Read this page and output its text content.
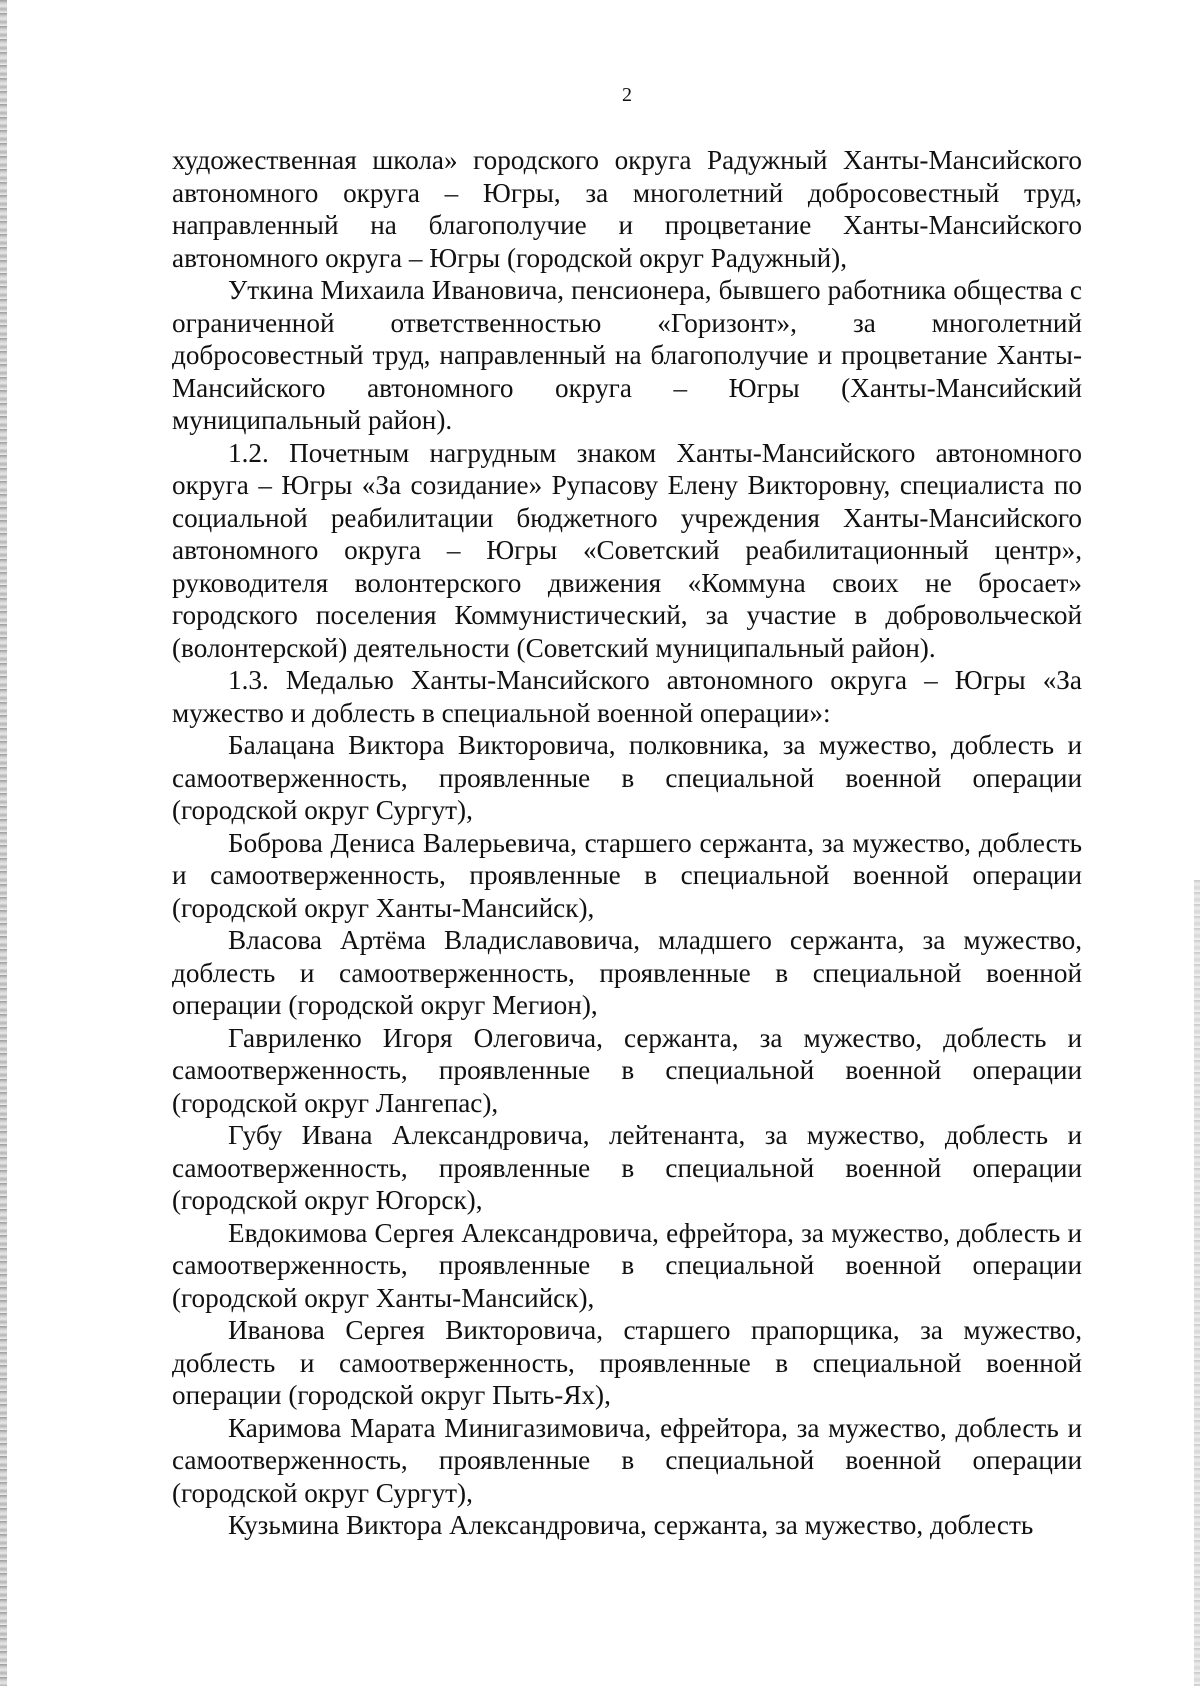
2

художественная школа» городского округа Радужный Ханты-Мансийского автономного округа – Югры, за многолетний добросовестный труд, направленный на благополучие и процветание Ханты-Мансийского автономного округа – Югры (городской округ Радужный),

Уткина Михаила Ивановича, пенсионера, бывшего работника общества с ограниченной ответственностью «Горизонт», за многолетний добросовестный труд, направленный на благополучие и процветание Ханты-Мансийского автономного округа – Югры (Ханты-Мансийский муниципальный район).

1.2. Почетным нагрудным знаком Ханты-Мансийского автономного округа – Югры «За созидание» Рупасову Елену Викторовну, специалиста по социальной реабилитации бюджетного учреждения Ханты-Мансийского автономного округа – Югры «Советский реабилитационный центр», руководителя волонтерского движения «Коммуна своих не бросает» городского поселения Коммунистический, за участие в добровольческой (волонтерской) деятельности (Советский муниципальный район).

1.3. Медалью Ханты-Мансийского автономного округа – Югры «За мужество и доблесть в специальной военной операции»:

Балацана Виктора Викторовича, полковника, за мужество, доблесть и самоотверженность, проявленные в специальной военной операции (городской округ Сургут),

Боброва Дениса Валерьевича, старшего сержанта, за мужество, доблесть и самоотверженность, проявленные в специальной военной операции (городской округ Ханты-Мансийск),

Власова Артёма Владиславовича, младшего сержанта, за мужество, доблесть и самоотверженность, проявленные в специальной военной операции (городской округ Мегион),

Гавриленко Игоря Олеговича, сержанта, за мужество, доблесть и самоотверженность, проявленные в специальной военной операции (городской округ Лангепас),

Губу Ивана Александровича, лейтенанта, за мужество, доблесть и самоотверженность, проявленные в специальной военной операции (городской округ Югорск),

Евдокимова Сергея Александровича, ефрейтора, за мужество, доблесть и самоотверженность, проявленные в специальной военной операции (городской округ Ханты-Мансийск),

Иванова Сергея Викторовича, старшего прапорщика, за мужество, доблесть и самоотверженность, проявленные в специальной военной операции (городской округ Пыть-Ях),

Каримова Марата Минигазимовича, ефрейтора, за мужество, доблесть и самоотверженность, проявленные в специальной военной операции (городской округ Сургут),

Кузьмина Виктора Александровича, сержанта, за мужество, доблесть
